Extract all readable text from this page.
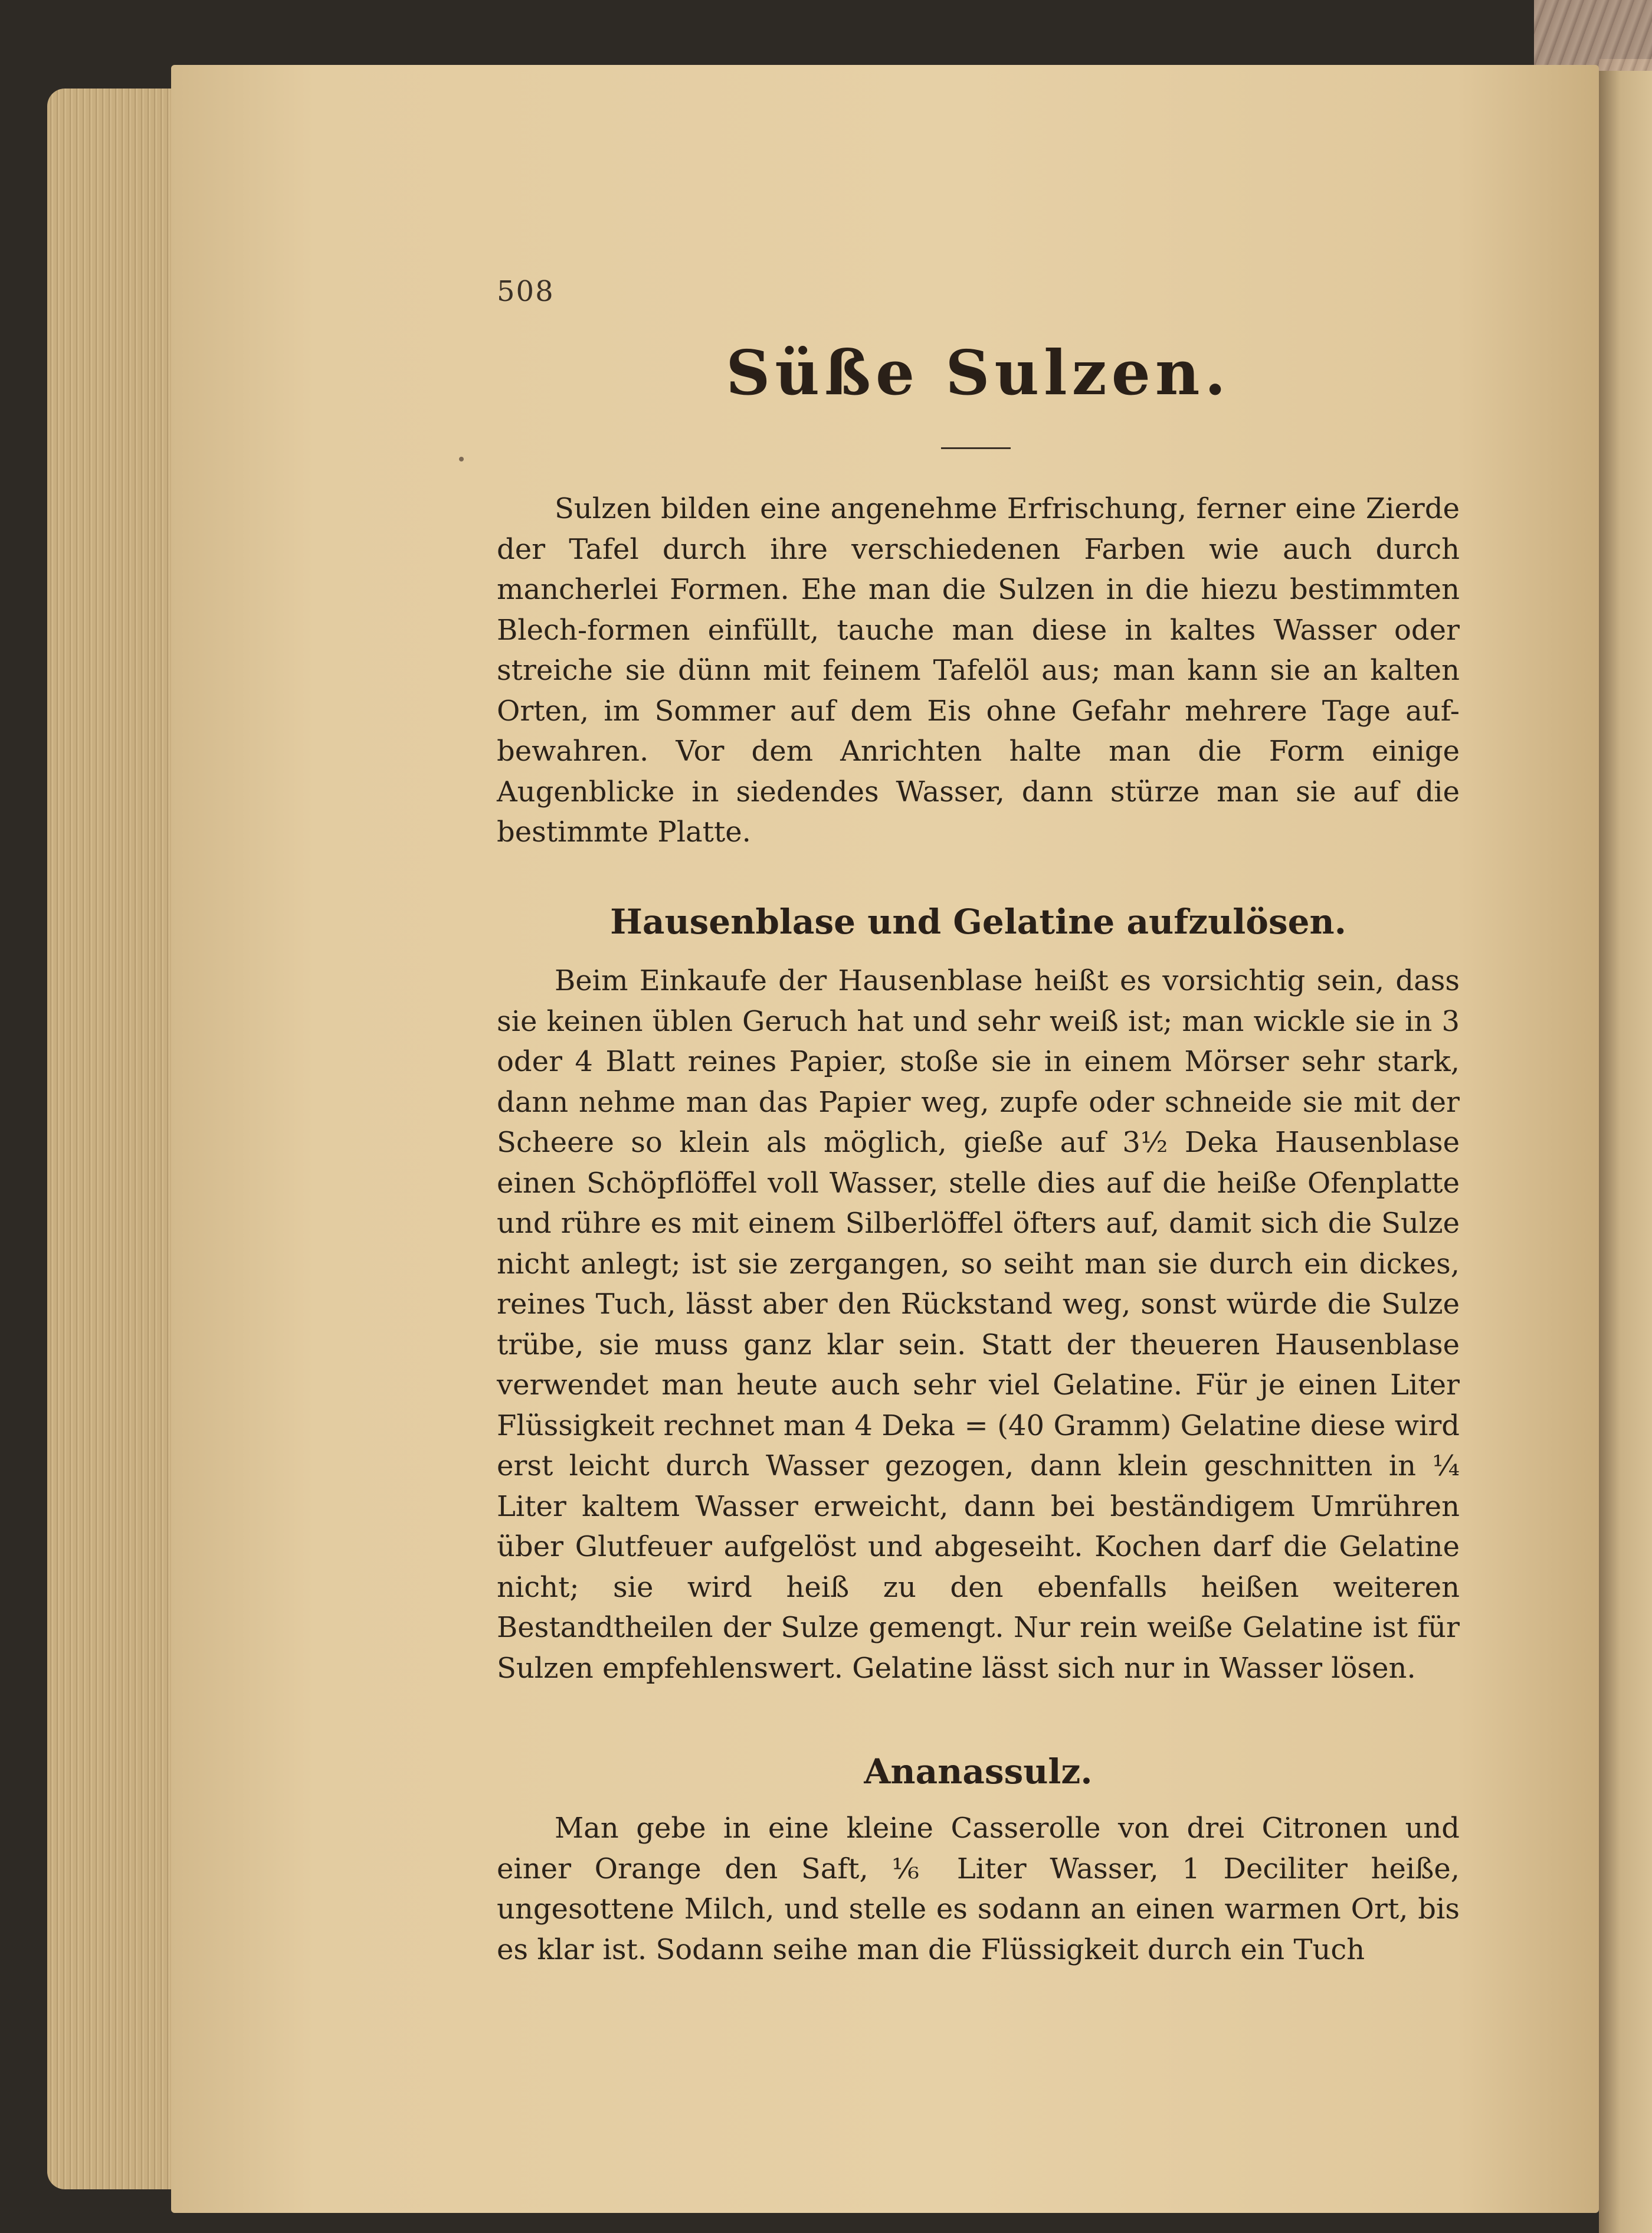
508
Süße Sulzen.
Sulzen bilden eine angenehme Erfrischung, ferner eine Zierde der Tafel durch ihre verschiedenen Farben wie auch durch mancherlei Formen. Ehe man die Sulzen in die hiezu bestimmten Blech-formen einfüllt, tauche man diese in kaltes Wasser oder streiche sie dünn mit feinem Tafelöl aus; man kann sie an kalten Orten, im Sommer auf dem Eis ohne Gefahr mehrere Tage auf-bewahren. Vor dem Anrichten halte man die Form einige Augenblicke in siedendes Wasser, dann stürze man sie auf die bestimmte Platte.
Hausenblase und Gelatine aufzulösen.
Beim Einkaufe der Hausenblase heißt es vorsichtig sein, dass sie keinen üblen Geruch hat und sehr weiß ist; man wickle sie in 3 oder 4 Blatt reines Papier, stoße sie in einem Mörser sehr stark, dann nehme man das Papier weg, zupfe oder schneide sie mit der Scheere so klein als möglich, gieße auf 3½ Deka Hausenblase einen Schöpflöffel voll Wasser, stelle dies auf die heiße Ofenplatte und rühre es mit einem Silberlöffel öfters auf, damit sich die Sulze nicht anlegt; ist sie zergangen, so seiht man sie durch ein dickes, reines Tuch, lässt aber den Rückstand weg, sonst würde die Sulze trübe, sie muss ganz klar sein. Statt der theueren Hausenblase verwendet man heute auch sehr viel Gelatine. Für je einen Liter Flüssigkeit rechnet man 4 Deka = (40 Gramm) Gelatine diese wird erst leicht durch Wasser gezogen, dann klein geschnitten in ¼ Liter kaltem Wasser erweicht, dann bei beständigem Umrühren über Glutfeuer aufgelöst und abgeseiht. Kochen darf die Gelatine nicht; sie wird heiß zu den ebenfalls heißen weiteren Bestandtheilen der Sulze gemengt. Nur rein weiße Gelatine ist für Sulzen empfehlenswert. Gelatine lässt sich nur in Wasser lösen.
Ananassulz.
Man gebe in eine kleine Casserolle von drei Citronen und einer Orange den Saft, ⅙ Liter Wasser, 1 Deciliter heiße, ungesottene Milch, und stelle es sodann an einen warmen Ort, bis es klar ist. Sodann seihe man die Flüssigkeit durch ein Tuch
